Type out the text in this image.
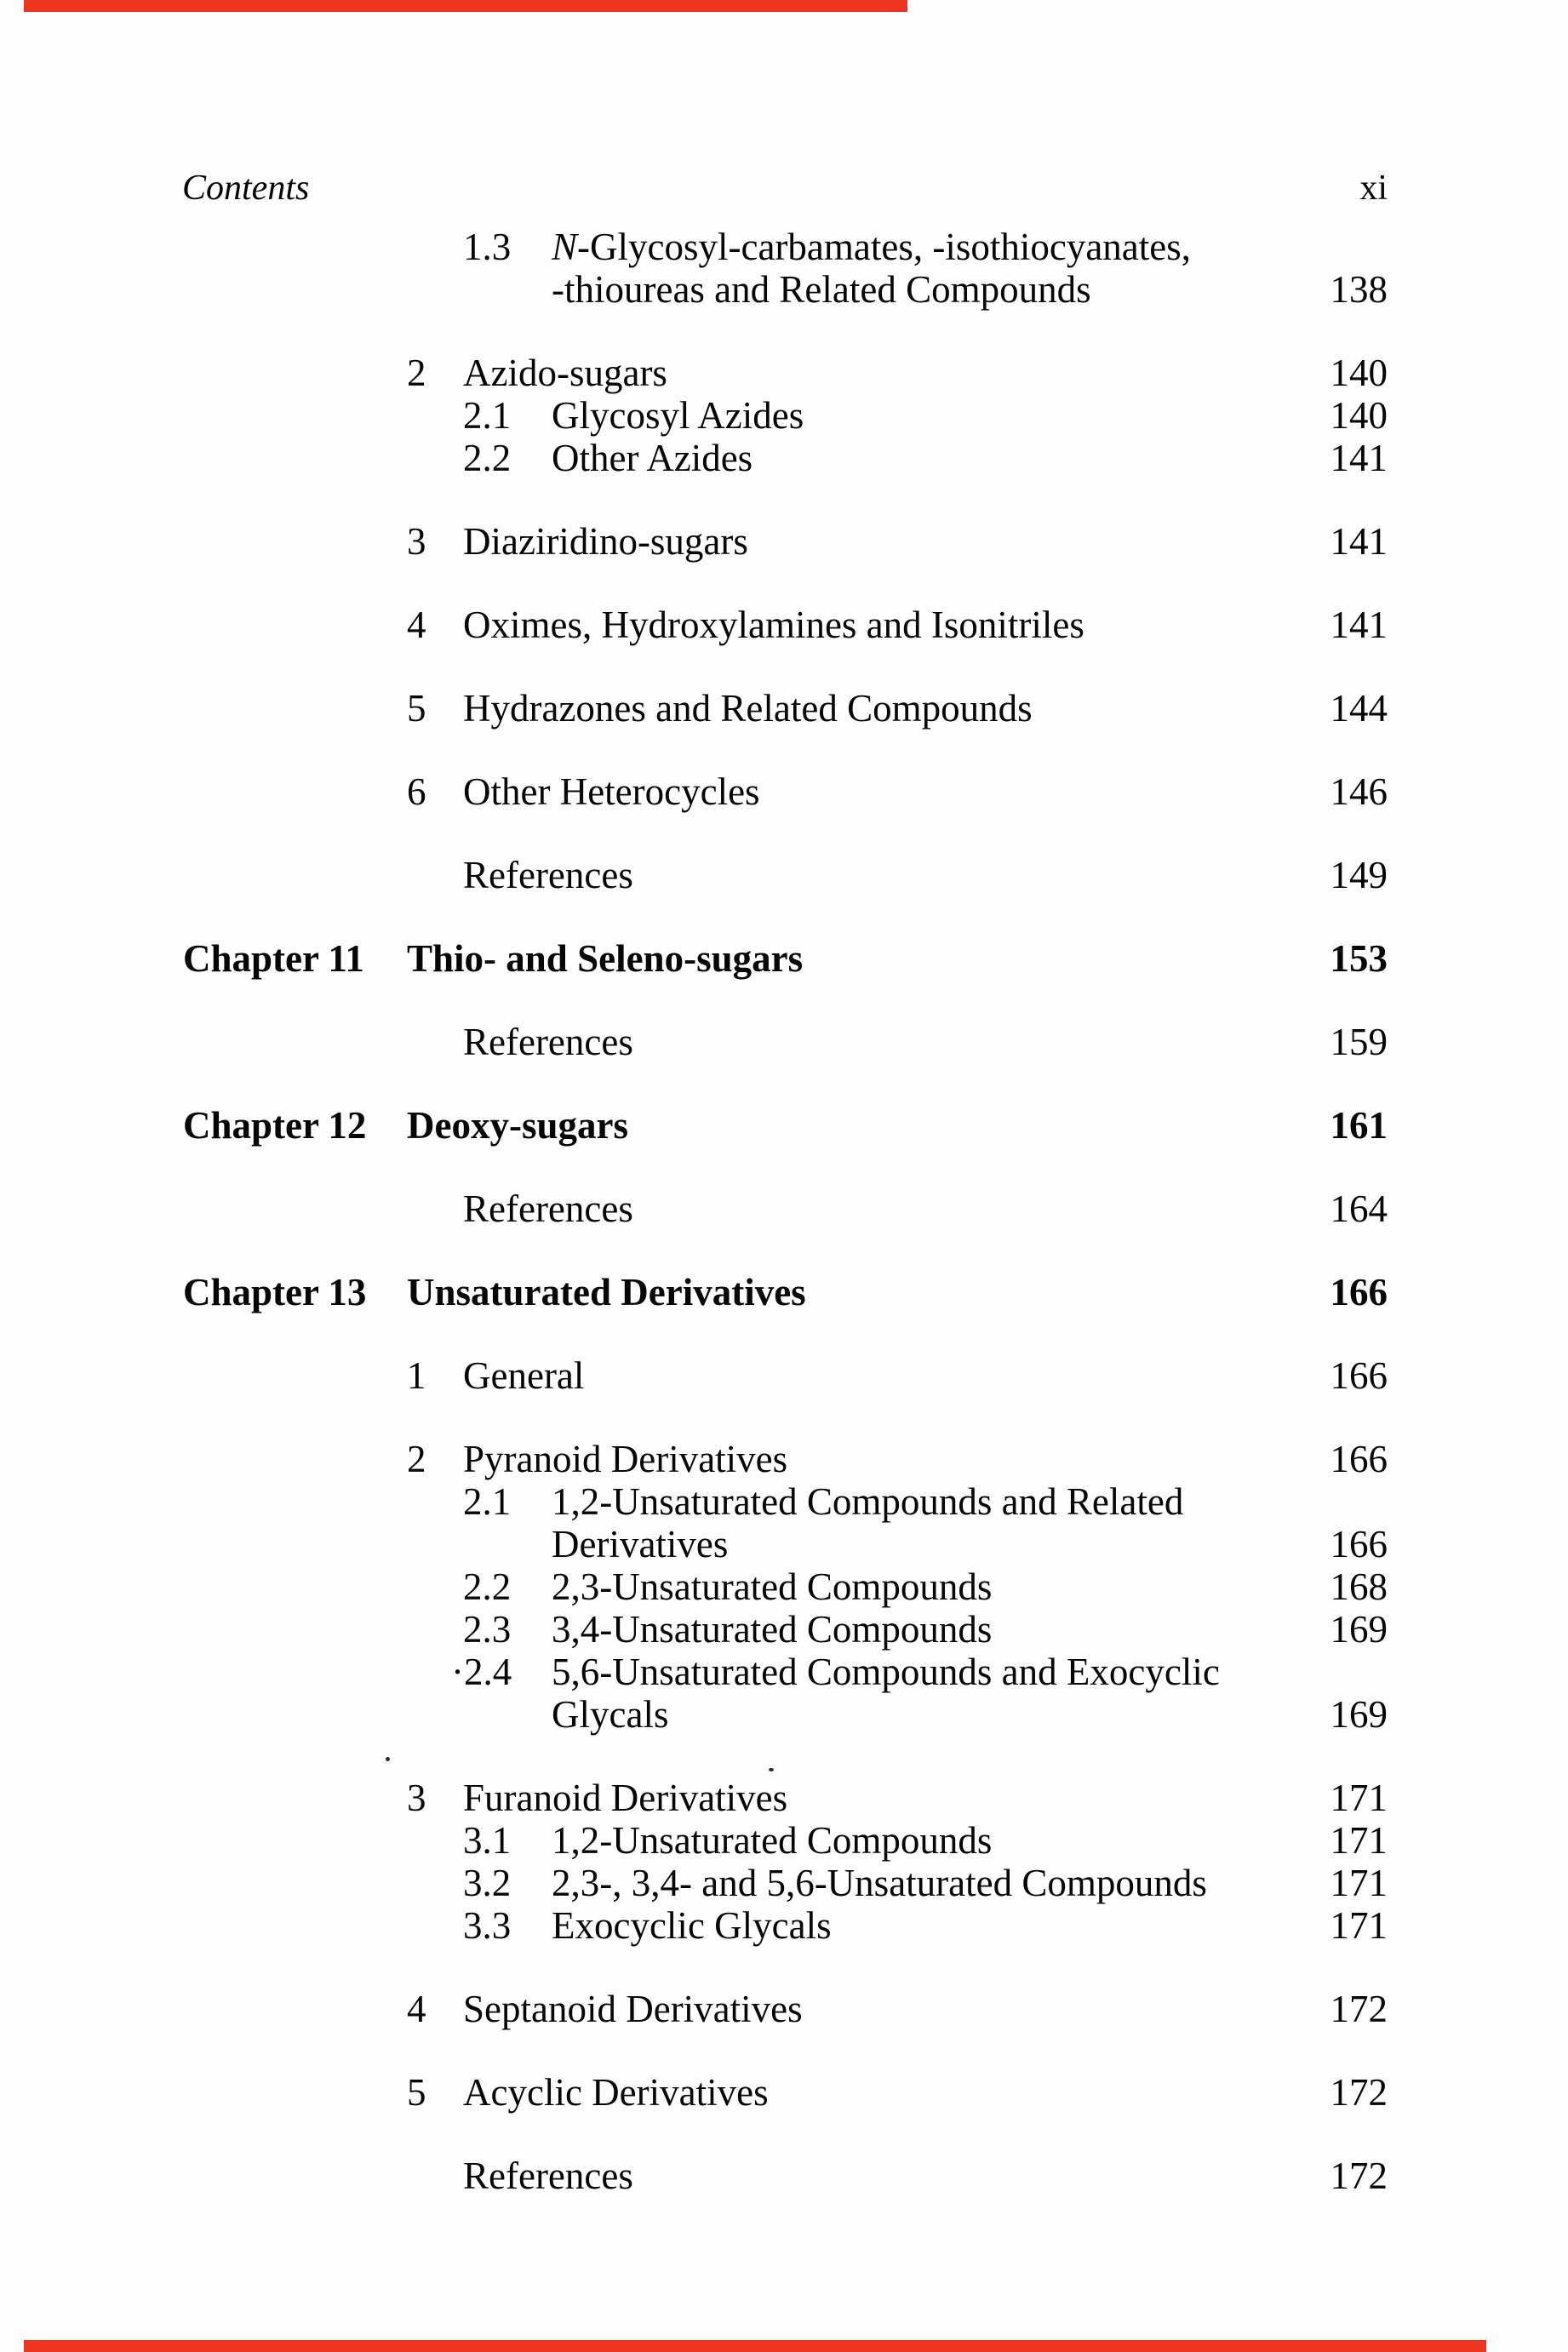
Contents	xi
1.3 N-Glycosyl-carbamates, -isothiocyanates,
-thioureas and Related Compounds	138
2 Azido-sugars	140
2.1 Glycosyl Azides	140
2.2 Other Azides	141
3 Diaziridino-sugars	141
4 Oximes, Hydroxylamines and Isonitriles	141
5 Hydrazones and Related Compounds	144
6 Other Heterocycles	146
References	149
Chapter 11 Thio- and Seleno-sugars	153
References	159
Chapter 12 Deoxy-sugars	161
References	164
Chapter 13 Unsaturated Derivatives	166
1 General	166
2 Pyranoid Derivatives	166
2.1 1,2-Unsaturated Compounds and Related
Derivatives	166
2.2 2,3-Unsaturated Compounds	168
2.3 3,4-Unsaturated Compounds	169
·2.4 5,6-Unsaturated Compounds and Exocyclic
Glycals	169
3 Furanoid Derivatives	171
3.1 1,2-Unsaturated Compounds	171
3.2 2,3-, 3,4- and 5,6-Unsaturated Compounds	171
3.3 Exocyclic Glycals	171
4 Septanoid Derivatives	172
5 Acyclic Derivatives	172
References	172
